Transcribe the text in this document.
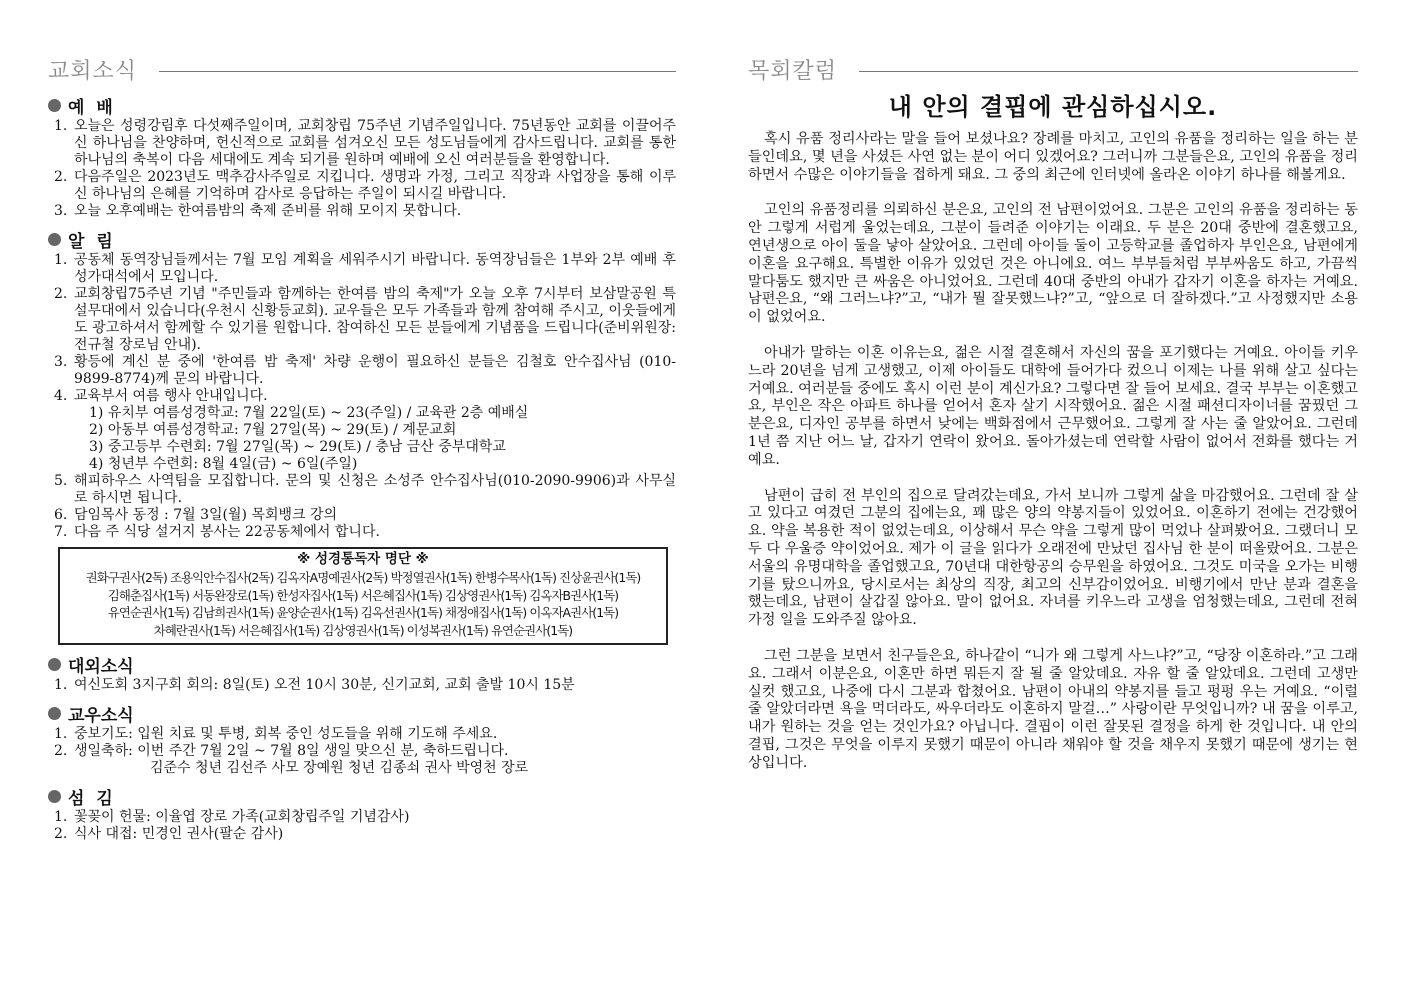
교회소식
예 배
1. 오늘은 성령강림후 다섯째주일이며, 교회창립 75주년 기념주일입니다. 75년동안 교회를 이끌어주신 하나님을 찬양하며, 헌신적으로 교회를 섬겨오신 모든 성도님들에게 감사드립니다. 교회를 통한 하나님의 축복이 다음 세대에도 계속 되기를 원하며 예배에 오신 여러분들을 환영합니다.
2. 다음주일은 2023년도 맥추감사주일로 지킵니다. 생명과 가정, 그리고 직장과 사업장을 통해 이루신 하나님의 은혜를 기억하며 감사로 응답하는 주일이 되시길 바랍니다.
3. 오늘 오후예배는 한여름밤의 축제 준비를 위해 모이지 못합니다.
알 림
1. 공동체 동역장님들께서는 7월 모임 계획을 세워주시기 바랍니다. 동역장님들은 1부와 2부 예배 후 성가대석에서 모입니다.
2. 교회창립75주년 기념 "주민들과 함께하는 한여름 밤의 축제"가 오늘 오후 7시부터 보삼말공원 특설무대에서 있습니다(우천시 신황등교회). 교우들은 모두 가족들과 함께 참여해 주시고, 이웃들에게도 광고하셔서 함께할 수 있기를 원합니다. 참여하신 모든 분들에게 기념품을 드립니다(준비위원장: 전규철 장로님 안내).
3. 황등에 계신 분 중에 '한여름 밤 축제' 차량 운행이 필요하신 분들은 김철호 안수집사님 (010-9899-8774)께 문의 바랍니다.
4. 교육부서 여름 행사 안내입니다.
1) 유치부 여름성경학교: 7월 22일(토) ~ 23(주일) / 교육관 2층 예배실
2) 아동부 여름성경학교: 7월 27일(목) ~ 29(토) / 계문교회
3) 중고등부 수련회: 7월 27일(목) ~ 29(토) / 충남 금산 중부대학교
4) 청년부 수련회: 8월 4일(금) ~ 6일(주일)
5. 해피하우스 사역팀을 모집합니다. 문의 및 신청은 소성주 안수집사님(010-2090-9906)과 사무실로 하시면 됩니다.
6. 담임목사 동정 : 7월 3일(월) 목회뱅크 강의
7. 다음 주 식당 설거지 봉사는 22공동체에서 합니다.
※ 성경통독자 명단 ※
권화구권사(2독) 조용익안수집사(2독) 김옥자A명예권사(2독) 박정열권사(1독) 한병수목사(1독) 진상윤권사(1독)
김해춘집사(1독) 서동완장로(1독) 한성자집사(1독) 서은혜집사(1독) 김상영권사(1독) 김옥자B권사(1독)
유연순권사(1독) 김남희권사(1독) 윤양순권사(1독) 김옥선권사(1독) 채정애집사(1독) 이옥자A권사(1독)
차혜란권사(1독) 서은혜집사(1독) 김상영권사(1독) 이성복권사(1독) 유연순권사(1독)
대외소식
1. 여신도회 3지구회 회의: 8일(토) 오전 10시 30분, 신기교회, 교회 출발 10시 15분
교우소식
1. 중보기도: 입원 치료 및 투병, 회복 중인 성도들을 위해 기도해 주세요.
2. 생일축하: 이번 주간 7월 2일 ~ 7월 8일 생일 맞으신 분, 축하드립니다.
김준수 청년 김선주 사모 장예원 청년 김종쇠 권사 박영천 장로
섬 김
1. 꽃꽂이 헌물: 이율엽 장로 가족(교회창립주일 기념감사)
2. 식사 대접: 민경인 권사(팔순 감사)
목회칼럼
내 안의 결핍에 관심하십시오.

혹시 유품 정리사라는 말을 들어 보셨나요? 장례를 마치고, 고인의 유품을 정리하는 일을 하는 분들인데요, 몇 년을 사셨든 사연 없는 분이 어디 있겠어요? 그러니까 그분들은요, 고인의 유품을 정리하면서 수많은 이야기들을 접하게 돼요. 그 중의 최근에 인터넷에 올라온 이야기 하나를 해볼게요.

고인의 유품정리를 의뢰하신 분은요, 고인의 전 남편이었어요. 그분은 고인의 유품을 정리하는 동안 그렇게 서럽게 울었는데요, 그분이 들려준 이야기는 이래요. 두 분은 20대 중반에 결혼했고요, 연년생으로 아이 둘을 낳아 살았어요. 그런데 아이들 둘이 고등학교를 졸업하자 부인은요, 남편에게 이혼을 요구해요. 특별한 이유가 있었던 것은 아니에요. 여느 부부들처럼 부부싸움도 하고, 가끔씩 말다툼도 했지만 큰 싸움은 아니었어요. 그런데 40대 중반의 아내가 갑자기 이혼을 하자는 거예요. 남편은요, “왜 그러느냐?”고, “내가 뭘 잘못했느냐?”고, “앞으로 더 잘하겠다.”고 사정했지만 소용이 없었어요.

아내가 말하는 이혼 이유는요, 젊은 시절 결혼해서 자신의 꿈을 포기했다는 거예요. 아이들 키우느라 20년을 넘게 고생했고, 이제 아이들도 대학에 들어가다 컸으니 이제는 나를 위해 살고 싶다는 거예요. 여러분들 중에도 혹시 이런 분이 계신가요? 그렇다면 잘 들어 보세요. 결국 부부는 이혼했고요, 부인은 작은 아파트 하나를 얻어서 혼자 살기 시작했어요. 젊은 시절 패션디자이너를 꿈꿨던 그분은요, 디자인 공부를 하면서 낮에는 백화점에서 근무했어요. 그렇게 잘 사는 줄 알았어요. 그런데 1년 쯤 지난 어느 날, 갑자기 연락이 왔어요. 돌아가셨는데 연락할 사람이 없어서 전화를 했다는 거예요.

남편이 급히 전 부인의 집으로 달려갔는데요, 가서 보니까 그렇게 삶을 마감했어요. 그런데 잘 살고 있다고 여겼던 그분의 집에는요, 꽤 많은 양의 약봉지들이 있었어요. 이혼하기 전에는 건강했어요. 약을 복용한 적이 없었는데요, 이상해서 무슨 약을 그렇게 많이 먹었나 살펴봤어요. 그랬더니 모두 다 우울증 약이었어요. 제가 이 글을 읽다가 오래전에 만났던 집사님 한 분이 떠올랐어요. 그분은 서울의 유명대학을 졸업했고요, 70년대 대한항공의 승무원을 하였어요. 그것도 미국을 오가는 비행기를 탔으니까요, 당시로서는 최상의 직장, 최고의 신부감이었어요. 비행기에서 만난 분과 결혼을 했는데요, 남편이 살갑질 않아요. 말이 없어요. 자녀를 키우느라 고생을 엄청했는데요, 그런데 전혀 가정 일을 도와주질 않아요.

그런 그분을 보면서 친구들은요, 하나같이 “니가 왜 그렇게 사느냐?”고, “당장 이혼하라.”고 그래요. 그래서 이분은요, 이혼만 하면 뭐든지 잘 될 줄 알았데요. 자유 할 줄 알았데요. 그런데 고생만 실컷 했고요, 나중에 다시 그분과 합쳤어요. 남편이 아내의 약봉지를 들고 펑펑 우는 거예요. “이럴 줄 알았더라면 욕을 먹더라도, 싸우더라도 이혼하지 말걸…” 사랑이란 무엇입니까? 내 꿈을 이루고, 내가 원하는 것을 얻는 것인가요? 아닙니다. 결핍이 이런 잘못된 결정을 하게 한 것입니다. 내 안의 결핍, 그것은 무엇을 이루지 못했기 때문이 아니라 채워야 할 것을 채우지 못했기 때문에 생기는 현상입니다.
